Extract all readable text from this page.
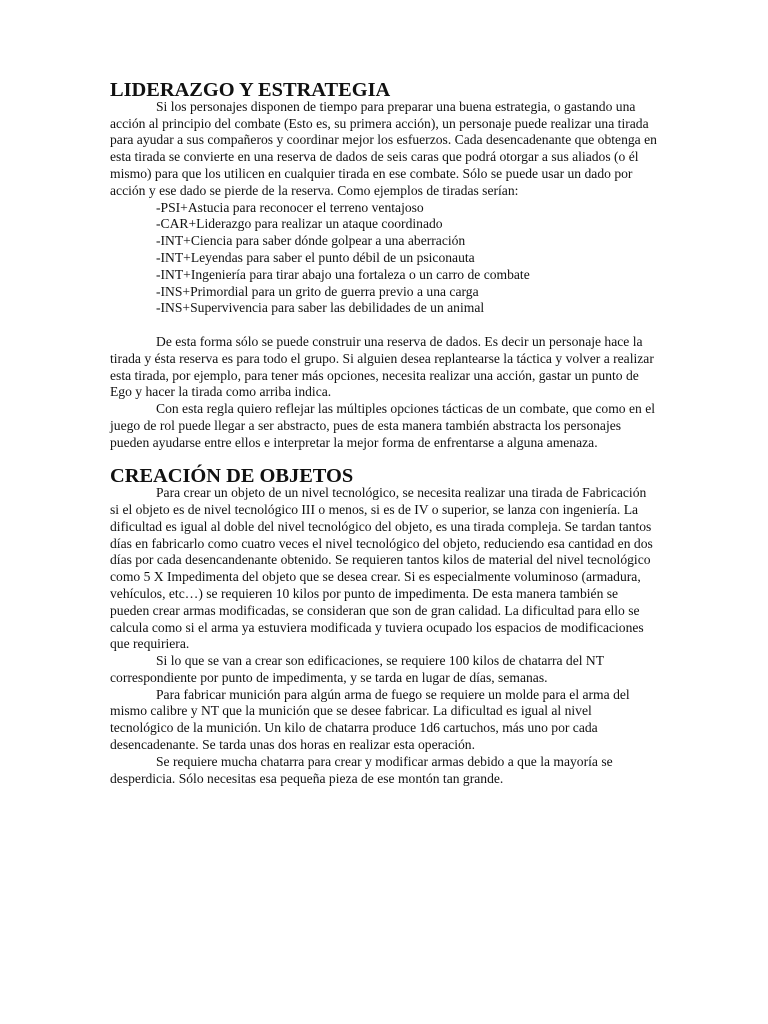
LIDERAZGO Y ESTRATEGIA

Si los personajes disponen de tiempo para preparar una buena estrategia, o gastando una acción al principio del combate (Esto es, su primera acción), un personaje puede realizar una tirada para ayudar a sus compañeros y coordinar mejor los esfuerzos. Cada desencadenante que obtenga en esta tirada se convierte en una reserva de dados de seis caras que podrá otorgar a sus aliados (o él mismo) para que los utilicen en cualquier tirada en ese combate. Sólo se puede usar un dado por acción y ese dado se pierde de la reserva. Como ejemplos de tiradas serían:

-PSI+Astucia para reconocer el terreno ventajoso
-CAR+Liderazgo para realizar un ataque coordinado
-INT+Ciencia para saber dónde golpear a una aberración
-INT+Leyendas para saber el punto débil de un psiconauta
-INT+Ingeniería para tirar abajo una fortaleza o un carro de combate
-INS+Primordial para un grito de guerra previo a una carga
-INS+Supervivencia para saber las debilidades de un animal

De esta forma sólo se puede construir una reserva de dados. Es decir un personaje hace la tirada y ésta reserva es para todo el grupo. Si alguien desea replantearse la táctica y volver a realizar esta tirada, por ejemplo, para tener más opciones, necesita realizar una acción, gastar un punto de Ego y hacer la tirada como arriba indica.

Con esta regla quiero reflejar las múltiples opciones tácticas de un combate, que como en el juego de rol puede llegar a ser abstracto, pues de esta manera también abstracta los personajes pueden ayudarse entre ellos e interpretar la mejor forma de enfrentarse a alguna amenaza.

CREACIÓN DE OBJETOS

Para crear un objeto de un nivel tecnológico, se necesita realizar una tirada de Fabricación si el objeto es de nivel tecnológico III o menos, si es de IV o superior, se lanza con ingeniería. La dificultad es igual al doble del nivel tecnológico del objeto, es una tirada compleja. Se tardan tantos días en fabricarlo como cuatro veces el nivel tecnológico del objeto, reduciendo esa cantidad en dos días por cada desencandenante obtenido. Se requieren tantos kilos de material del nivel tecnológico como 5 X Impedimenta del objeto que se desea crear. Si es especialmente voluminoso (armadura, vehículos, etc…) se requieren 10 kilos por punto de impedimenta. De esta manera también se pueden crear armas modificadas, se consideran que son de gran calidad. La dificultad para ello se calcula como si el arma ya estuviera modificada y tuviera ocupado los espacios de modificaciones que requiriera.

Si lo que se van a crear son edificaciones, se requiere 100 kilos de chatarra del NT correspondiente por punto de impedimenta, y se tarda en lugar de días, semanas.

Para fabricar munición para algún arma de fuego se requiere un molde para el arma del mismo calibre y NT que la munición que se desee fabricar. La dificultad es igual al nivel tecnológico de la munición. Un kilo de chatarra produce 1d6 cartuchos, más uno por cada desencadenante. Se tarda unas dos horas en realizar esta operación.

Se requiere mucha chatarra para crear y modificar armas debido a que la mayoría se desperdicia. Sólo necesitas esa pequeña pieza de ese montón tan grande.
